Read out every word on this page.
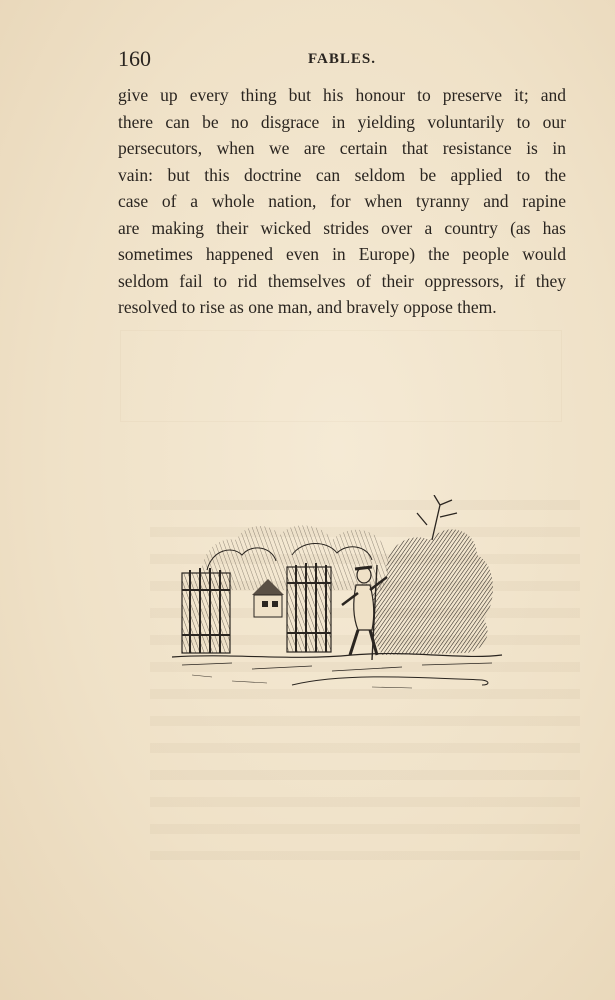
160	FABLES.
give up every thing but his honour to preserve it; and
there can be no disgrace in yielding voluntarily to our
persecutors, when we are certain that resistance is in
vain: but this doctrine can seldom be applied to the
case of a whole nation, for when tyranny and rapine
are making their wicked strides over a country (as has
sometimes happened even in Europe) the people would
seldom fail to rid themselves of their oppressors, if they
resolved to rise as one man, and bravely oppose them.
